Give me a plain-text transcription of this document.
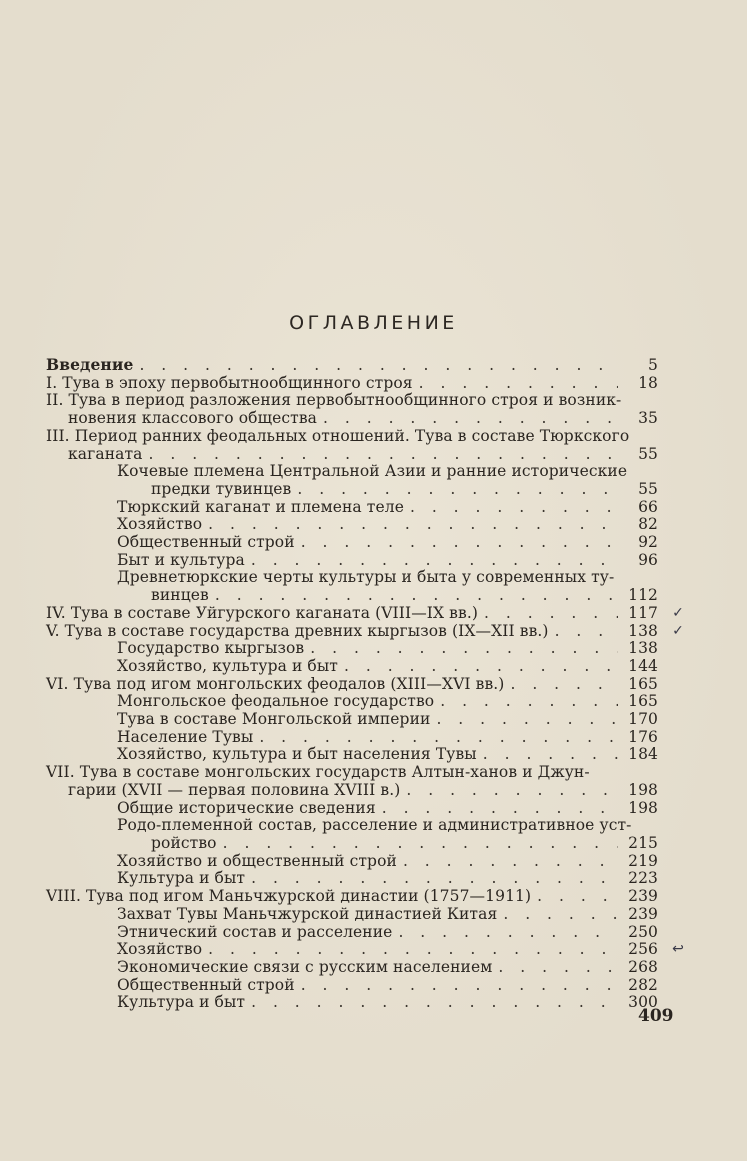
ОГЛАВЛЕНИЕ
Введение . . .	5
I. Тува в эпоху первобытнообщинного строя . . .	18
II. Тува в период разложения первобытнообщинного строя и возник-
новения классового общества . . .	35
III. Период ранних феодальных отношений. Тува в составе Тюркского
каганата . . .	55
Кочевые племена Центральной Азии и ранние исторические
предки тувинцев . . .	55
Тюркский каганат и племена теле . . .	66
Хозяйство . . .	82
Общественный строй . . .	92
Быт и культура . . .	96
Древнетюркские черты культуры и быта у современных ту-
винцев . . .	112
IV. Тува в составе Уйгурского каганата (VIII—IX вв.) . . .	117 ✓
V. Тува в составе государства древних кыргызов (IX—XII вв.) . . .	138 ✓
Государство кыргызов . . .	138
Хозяйство, культура и быт . . .	144
VI. Тува под игом монгольских феодалов (XIII—XVI вв.) . . .	165
Монгольское феодальное государство . . .	165
Тува в составе Монгольской империи . . .	170
Население Тувы . . .	176
Хозяйство, культура и быт населения Тувы . . .	184
VII. Тува в составе монгольских государств Алтын-ханов и Джун-
гарии (XVII — первая половина XVIII в.) . . .	198
Общие исторические сведения . . .	198
Родо-племенной состав, расселение и административное уст-
ройство . . .	215
Хозяйство и общественный строй . . .	219
Культура и быт . . .	223
VIII. Тува под игом Маньчжурской династии (1757—1911) . . .	239
Захват Тувы Маньчжурской династией Китая . . .	239
Этнический состав и расселение . . .	250
Хозяйство . . .	256 ↩
Экономические связи с русским населением . . .	268
Общественный строй . . .	282
Культура и быт . . .	300
409
